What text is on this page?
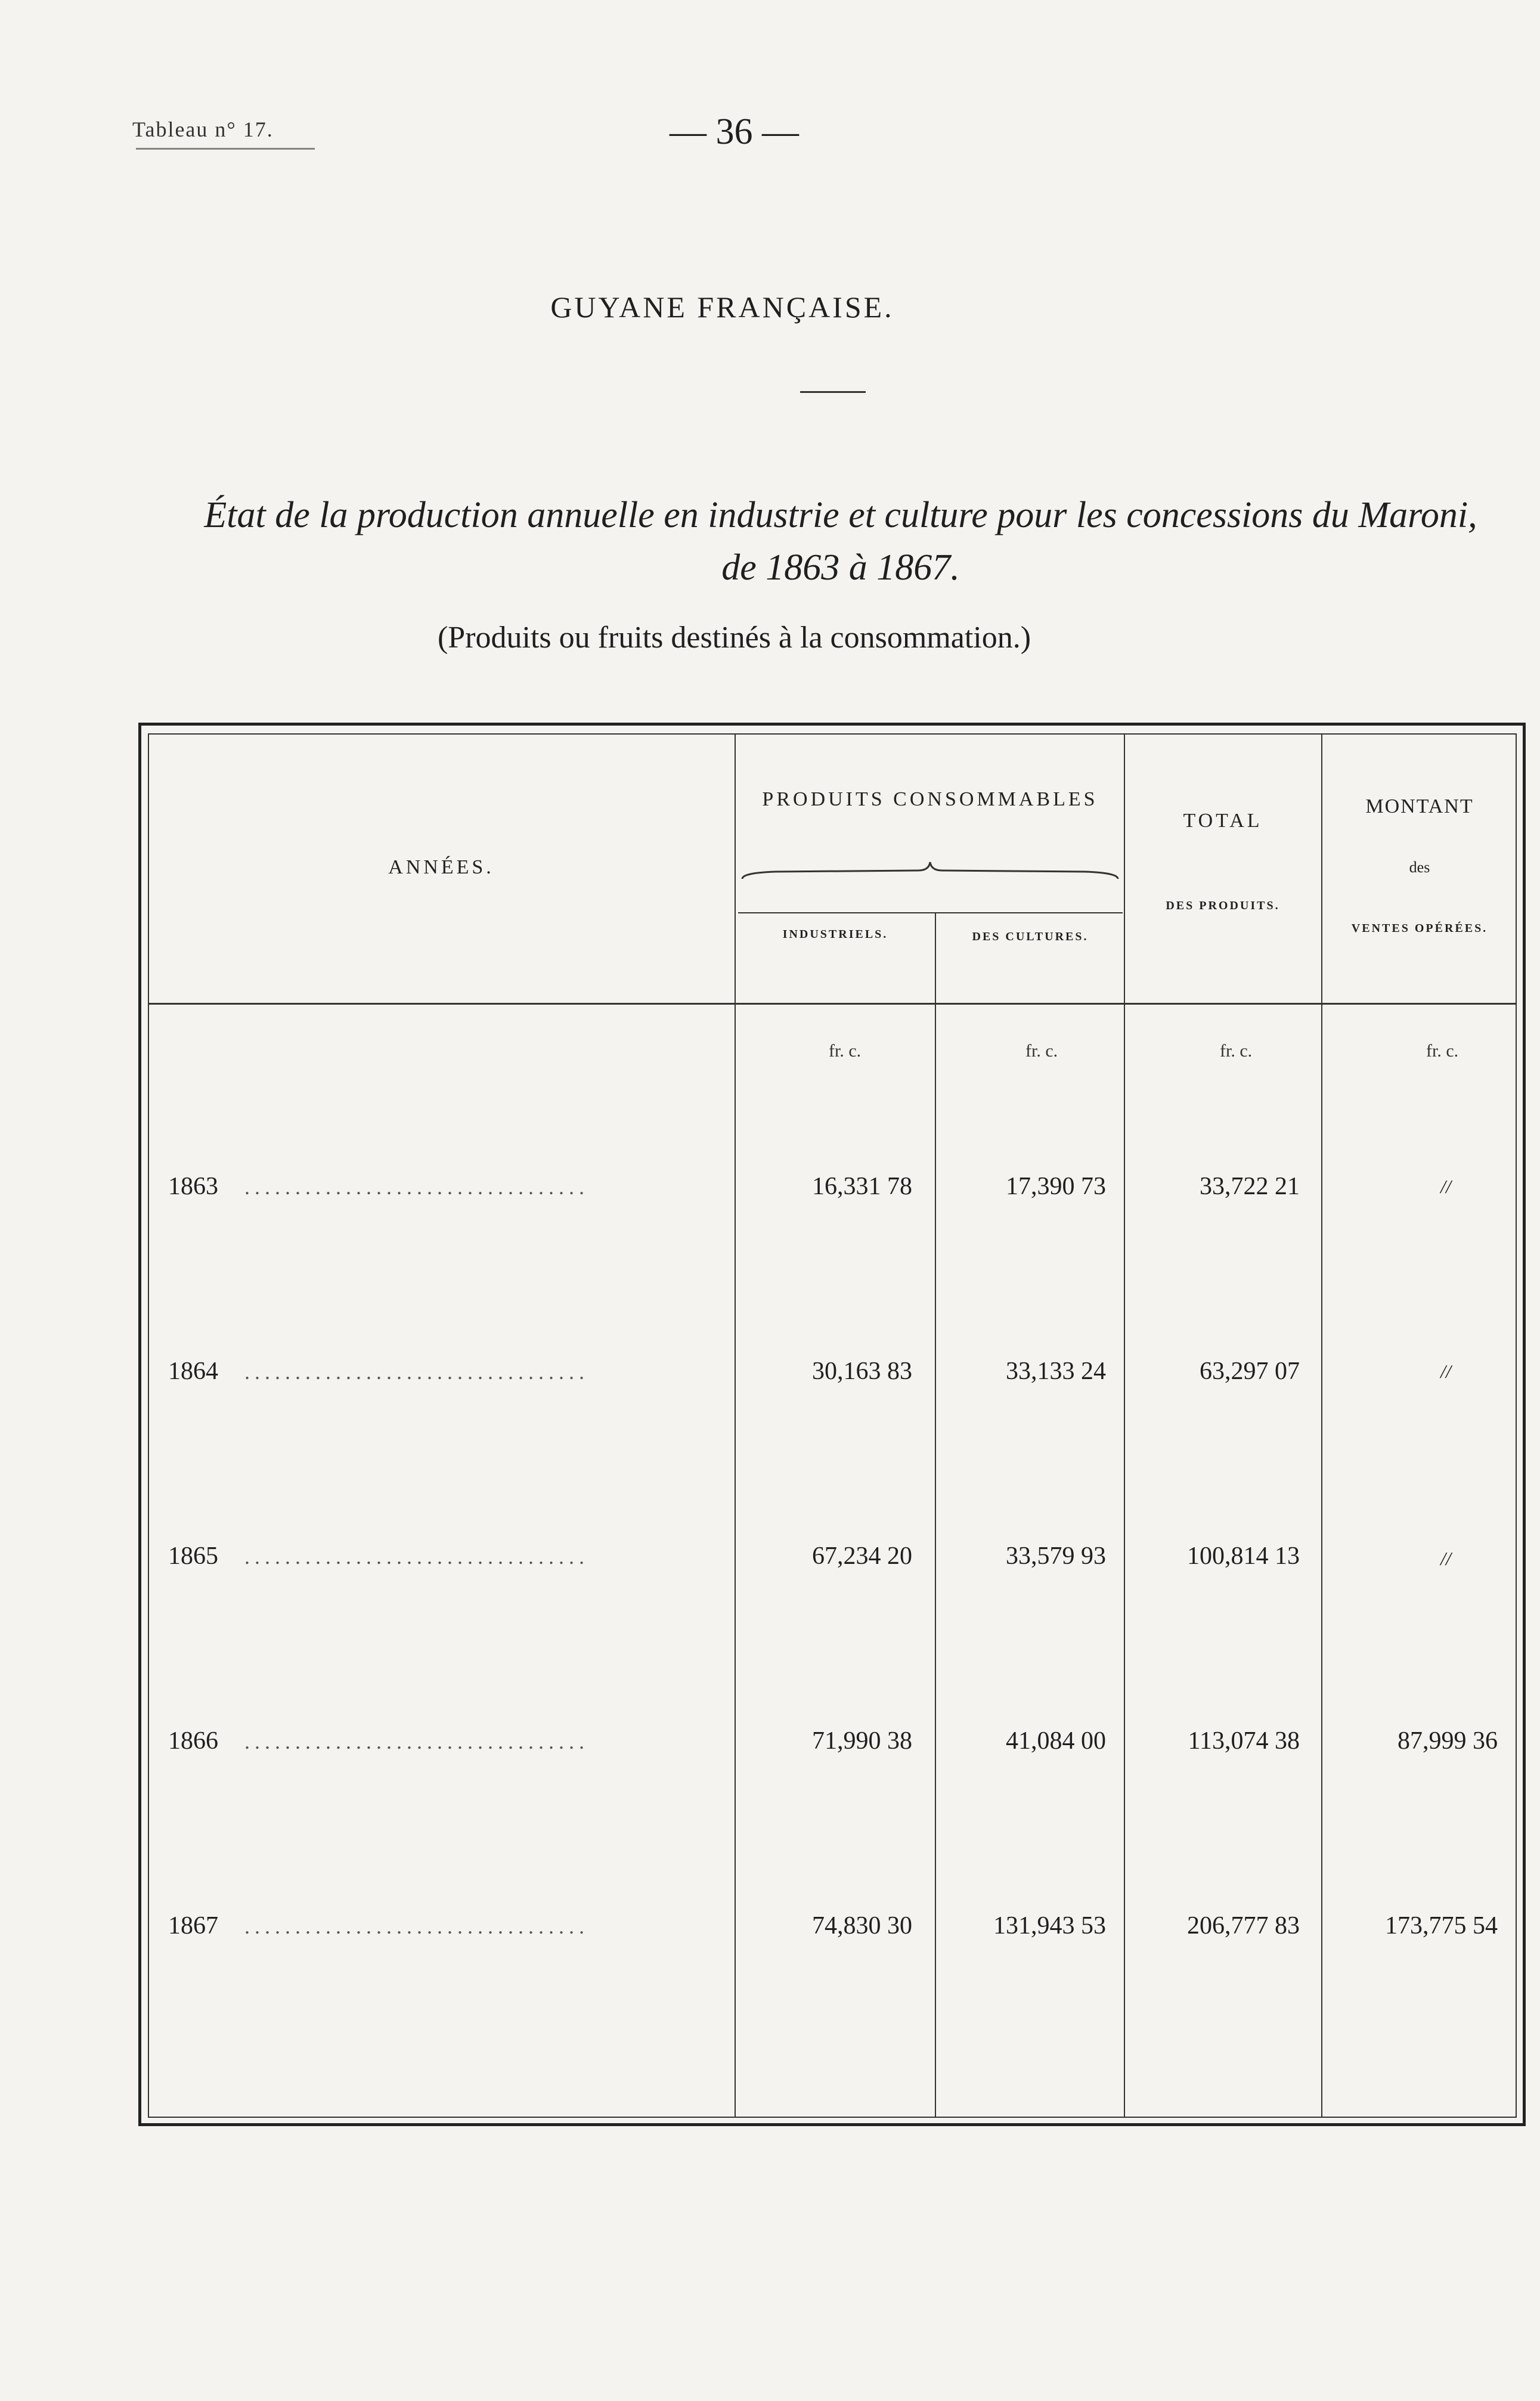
Tableau n° 17.	— 36 —
GUYANE FRANÇAISE.
État de la production annuelle en industrie et culture pour les concessions du Maroni,
de 1863 à 1867.
(Produits ou fruits destinés à la consommation.)
ANNÉES.
PRODUITS CONSOMMABLES
INDUSTRIELS.	DES CULTURES.
TOTAL
DES PRODUITS.
MONTANT
des
VENTES OPÉRÉES.
fr. c.	fr. c.	fr. c.	fr. c.
1863 ..................................	16,331 78	17,390 73	33,722 21	//
1864 ..................................	30,163 83	33,133 24	63,297 07	//
1865 ..................................	67,234 20	33,579 93	100,814 13	//
1866 ..................................	71,990 38	41,084 00	113,074 38	87,999 36
1867 ..................................	74,830 30	131,943 53	206,777 83	173,775 54
